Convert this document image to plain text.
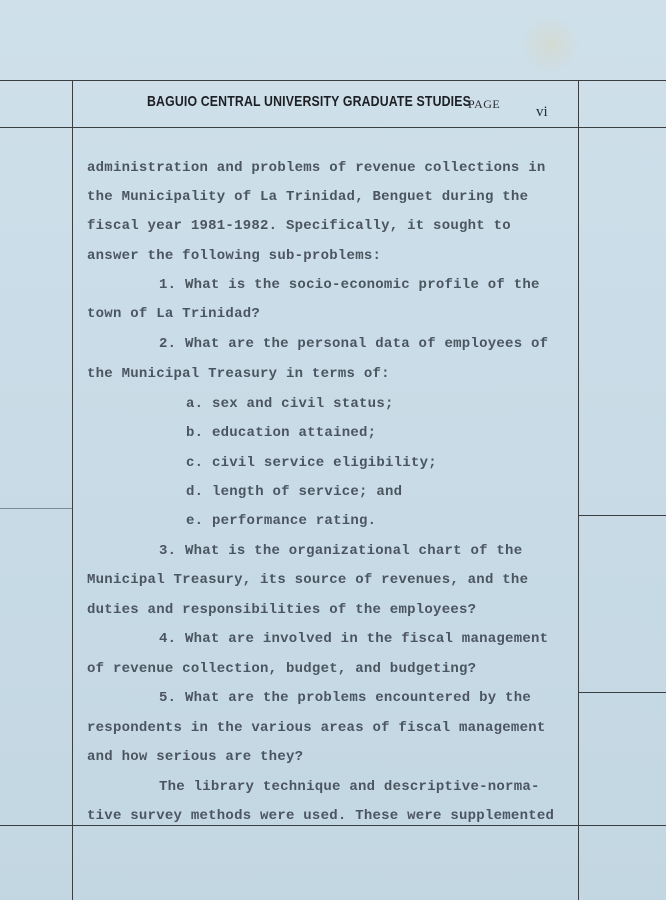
BAGUIO CENTRAL UNIVERSITY GRADUATE STUDIES
PAGE vi
administration and problems of revenue collections in
the Municipality of La Trinidad, Benguet during the
fiscal year 1981-1982. Specifically, it sought to
answer the following sub-problems:
1. What is the socio-economic profile of the
town of La Trinidad?
2. What are the personal data of employees of
the Municipal Treasury in terms of:
a. sex and civil status;
b. education attained;
c. civil service eligibility;
d. length of service; and
e. performance rating.
3. What is the organizational chart of the
Municipal Treasury, its source of revenues, and the
duties and responsibilities of the employees?
4. What are involved in the fiscal management
of revenue collection, budget, and budgeting?
5. What are the problems encountered by the
respondents in the various areas of fiscal management
and how serious are they?
The library technique and descriptive-norma-
tive survey methods were used. These were supplemented
